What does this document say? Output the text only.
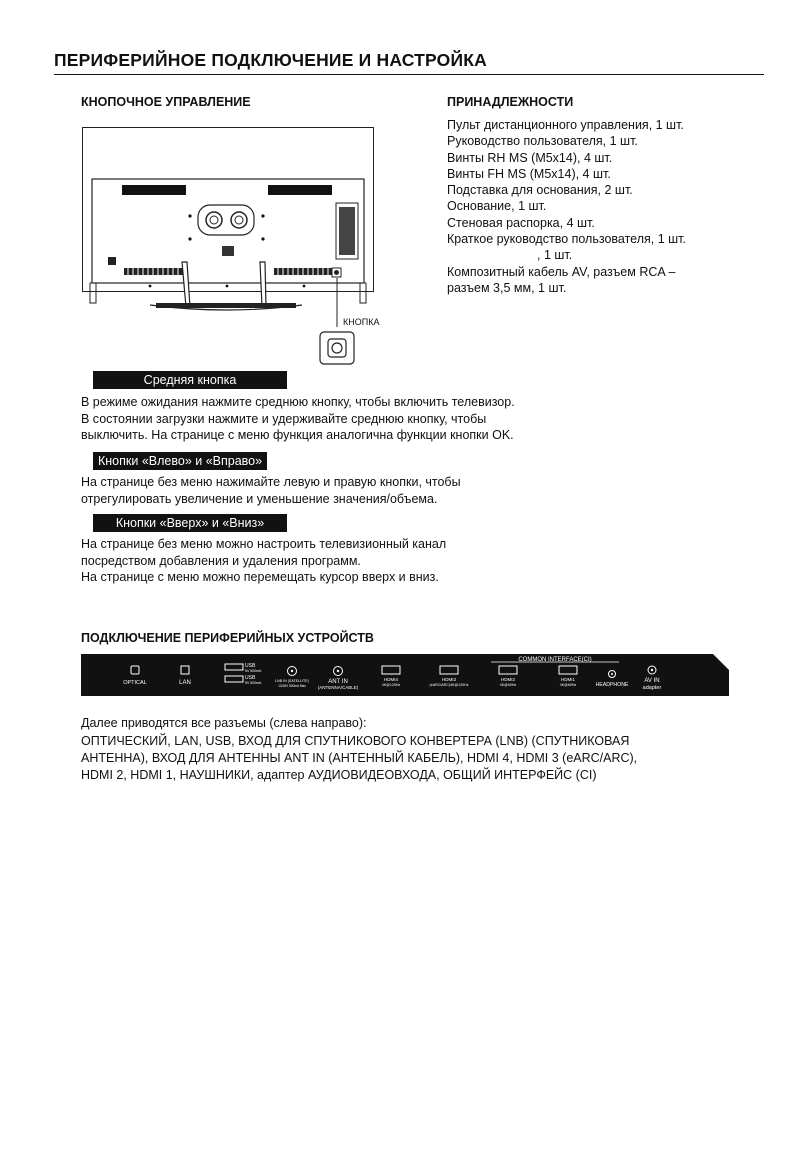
ПЕРИФЕРИЙНОЕ ПОДКЛЮЧЕНИЕ И НАСТРОЙКА
КНОПОЧНОЕ УПРАВЛЕНИЕ	ПРИНАДЛЕЖНОСТИ
Пульт дистанционного управления, 1 шт.
Руководство пользователя, 1 шт.
Винты RH MS (M5x14), 4 шт.
Винты FH MS (M5x14), 4 шт.
Подставка для основания, 2 шт.
Основание, 1 шт.
Стеновая распорка, 4 шт.
Краткое руководство пользователя, 1 шт.
, 1 шт.
Композитный кабель AV, разъем RCA –
разъем 3,5 мм, 1 шт.
КНОПКА
Средняя кнопка
В режиме ожидания нажмите среднюю кнопку, чтобы включить телевизор.
В состоянии загрузки нажмите и удерживайте среднюю кнопку, чтобы
выключить. На странице с меню функция аналогична функции кнопки OK.
Кнопки «Влево» и «Вправо»
На странице без меню нажимайте левую и правую кнопки, чтобы
отрегулировать увеличение и уменьшение значения/объема.
Кнопки «Вверх» и «Вниз»
На странице без меню можно настроить телевизионный канал
посредством добавления и удаления программ.
На странице с меню можно перемещать курсор вверх и вниз.
ПОДКЛЮЧЕНИЕ ПЕРИФЕРИЙНЫХ УСТРОЙСТВ
COMMON INTERFACE(CI)
OPTICAL	LAN
USB
5V 500mA
USB
5V 500mA	LNB IN (SATELLITE)
13/18V 500mA Max
ANT IN
(ANTENNA/CABLE)
HDMI4
4K@120Hz
HDMI3
(eARC/ARC)4K@120Hz
HDMI2
4K@60Hz
HDMI1
4K@60Hz	HEADPHONE
AV IN
adapter
Далее приводятся все разъемы (слева направо):
ОПТИЧЕСКИЙ, LAN, USB, ВХОД ДЛЯ СПУТНИКОВОГО КОНВЕРТЕРА (LNB) (СПУТНИКОВАЯ
АНТЕННА), ВХОД ДЛЯ АНТЕННЫ ANT IN (АНТЕННЫЙ КАБЕЛЬ), HDMI 4, HDMI 3 (eARC/ARC),
HDMI 2, HDMI 1, НАУШНИКИ, адаптер АУДИОВИДЕОВХОДА, ОБЩИЙ ИНТЕРФЕЙС (CI)
